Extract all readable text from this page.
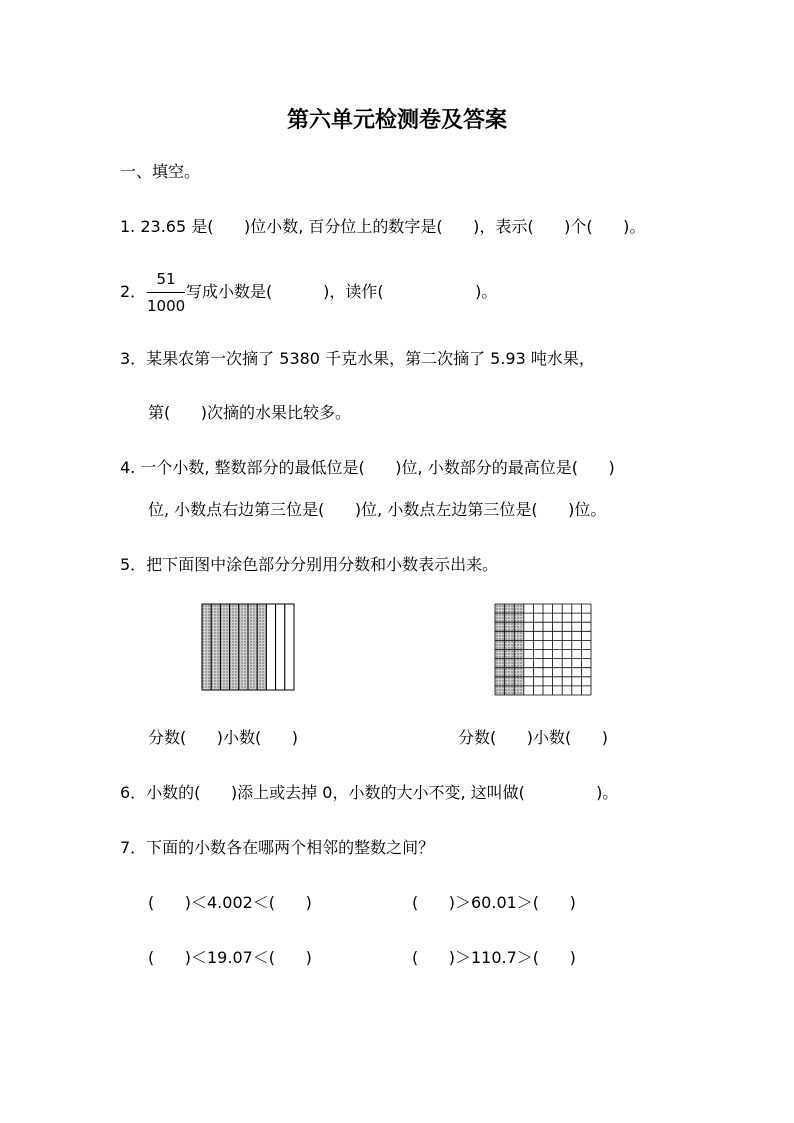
第六单元检测卷及答案
一、填空。
1. 23.65 是(      )位小数, 百分位上的数字是(      )，表示(      )个(      )。
2．
51
1000
写成小数是(          )，读作(                  )。
3．某果农第一次摘了 5380 千克水果，第二次摘了 5.93 吨水果，
第(      )次摘的水果比较多。
4. 一个小数, 整数部分的最低位是(      )位, 小数部分的最高位是(      )
位, 小数点右边第三位是(      )位, 小数点左边第三位是(      )位。
5．把下面图中涂色部分分别用分数和小数表示出来。
分数(      )小数(      )	分数(      )小数(      )
6．小数的(      )添上或去掉 0，小数的大小不变, 这叫做(              )。
7．下面的小数各在哪两个相邻的整数之间？
(      )＜4.002＜(      )	(      )＞60.01＞(      )
(      )＜19.07＜(      )	(      )＞110.7＞(      )
